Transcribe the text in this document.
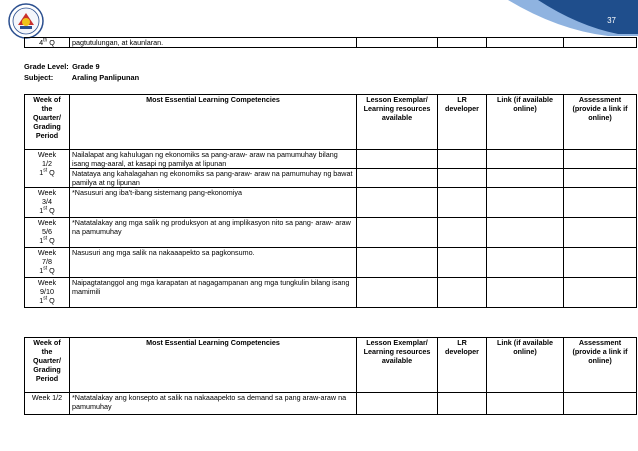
37
4th Q	pagtutulungan, at kaunlaran.				
Grade Level: Grade 9
Subject:	Araling Panlipunan
Week of the Quarter/ Grading Period	Most Essential Learning Competencies	Lesson Exemplar/ Learning resources available	LR developer	Link (if available online)	Assessment (provide a link if online)
Week
1/2
1st Q	Nailalapat ang kahulugan ng ekonomiks sa pang-araw- araw na pamumuhay bilang isang mag-aaral, at kasapi ng pamilya at lipunan				
	Natataya ang kahalagahan ng ekonomiks sa pang-araw- araw na pamumuhay ng bawat pamilya at ng lipunan				
Week
3/4
1st Q	*Nasusuri ang iba't-ibang sistemang pang-ekonomiya				
Week
5/6
1st Q	*Natatalakay ang mga salik ng produksyon at ang implikasyon nito sa pang- araw- araw na pamumuhay				
Week
7/8
1st Q	Nasusuri ang mga salik na nakaaapekto sa pagkonsumo.				
Week
9/10
1st Q	Naipagtatanggol ang mga karapatan at nagagampanan ang mga tungkulin bilang isang mamimili				
Week of the Quarter/ Grading Period	Most Essential Learning Competencies	Lesson Exemplar/ Learning resources available	LR developer	Link (if available online)	Assessment (provide a link if online)
Week 1/2	*Natatalakay ang konsepto at salik na nakaaapekto sa demand sa pang araw-araw na pamumuhay				
